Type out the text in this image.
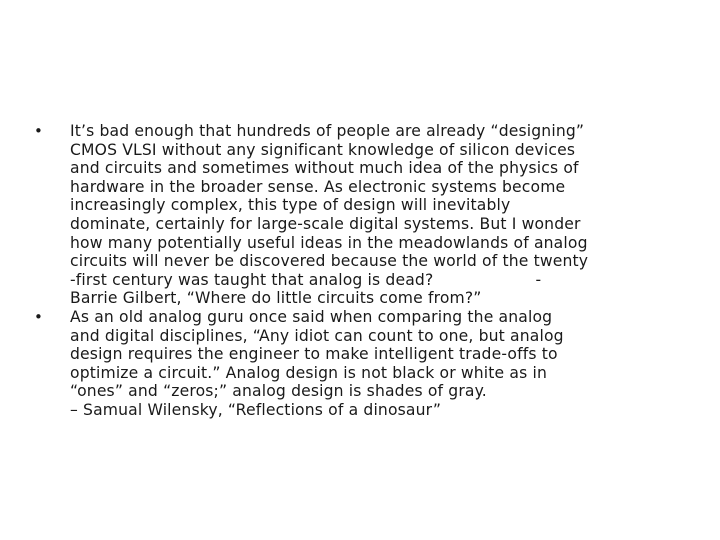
• It’s bad enough that hundreds of people are already “designing”
CMOS VLSI without any significant knowledge of silicon devices
and circuits and sometimes without much idea of the physics of
hardware in the broader sense. As electronic systems become
increasingly complex, this type of design will inevitably
dominate, certainly for large-scale digital systems. But I wonder
how many potentially useful ideas in the meadowlands of analog
circuits will never be discovered because the world of the twenty
-first century was taught that analog is dead?                    -
Barrie Gilbert, “Where do little circuits come from?”
• As an old analog guru once said when comparing the analog
and digital disciplines, “Any idiot can count to one, but analog
design requires the engineer to make intelligent trade-offs to
optimize a circuit.” Analog design is not black or white as in
“ones” and “zeros;” analog design is shades of gray.
– Samual Wilensky, “Reflections of a dinosaur”
